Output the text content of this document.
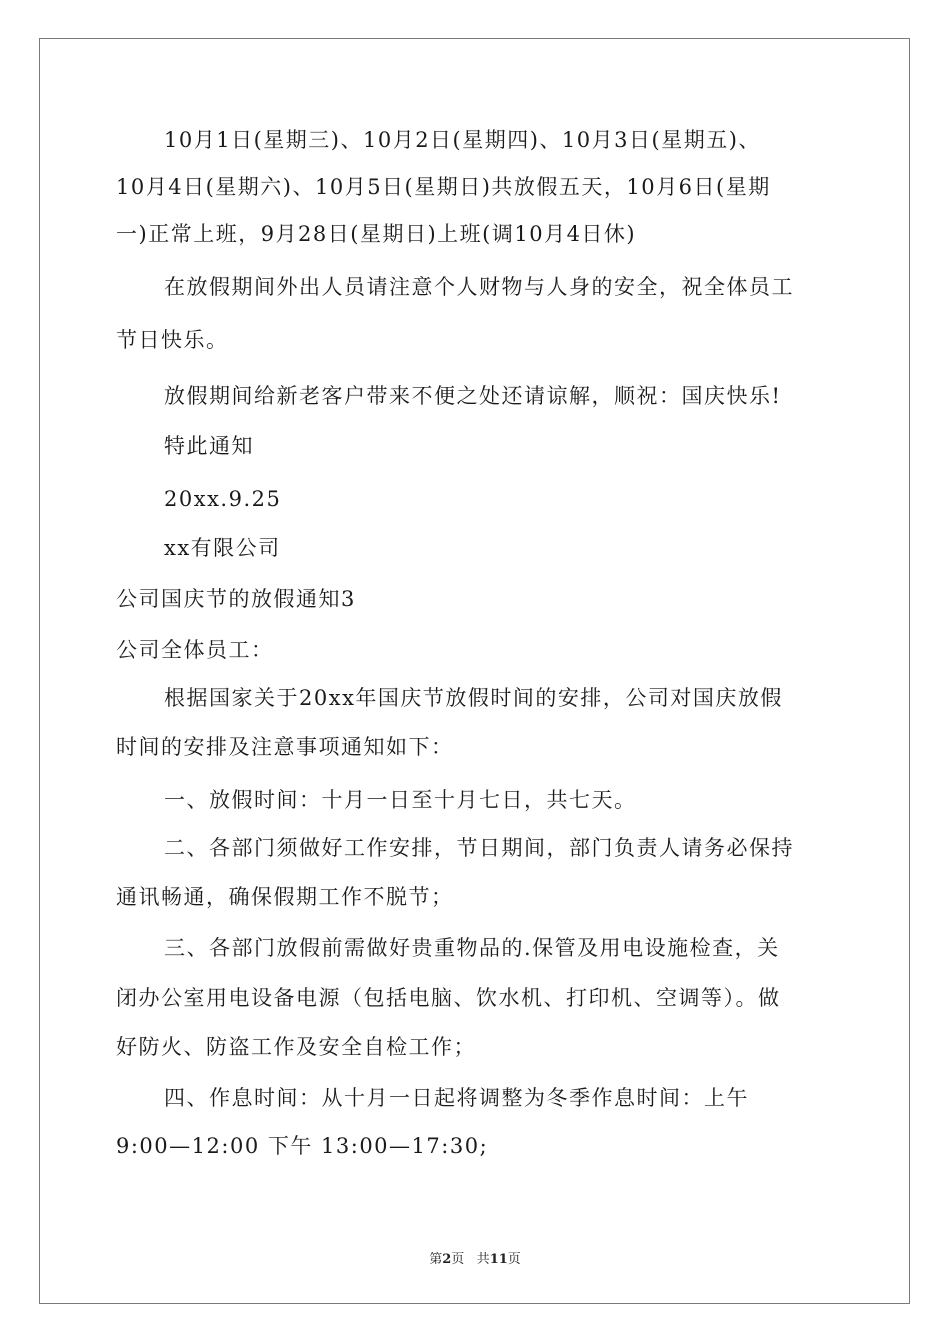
10月1日(星期三)、10月2日(星期四)、10月3日(星期五)、
10月4日(星期六)、10月5日(星期日)共放假五天，10月6日(星期
一)正常上班，9月28日(星期日)上班(调10月4日休)
在放假期间外出人员请注意个人财物与人身的安全，祝全体员工
节日快乐。
放假期间给新老客户带来不便之处还请谅解，顺祝：国庆快乐!
特此通知
20xx.9.25
xx有限公司
公司国庆节的放假通知3
公司全体员工：
根据国家关于20xx年国庆节放假时间的安排，公司对国庆放假
时间的安排及注意事项通知如下：
一、放假时间：十月一日至十月七日，共七天。
二、各部门须做好工作安排，节日期间，部门负责人请务必保持
通讯畅通，确保假期工作不脱节；
三、各部门放假前需做好贵重物品的.保管及用电设施检查，关
闭办公室用电设备电源（包括电脑、饮水机、打印机、空调等）。做
好防火、防盗工作及安全自检工作；
四、作息时间：从十月一日起将调整为冬季作息时间：上午
9:00—12:00 下午 13:00—17:30;
第2页 共11页
